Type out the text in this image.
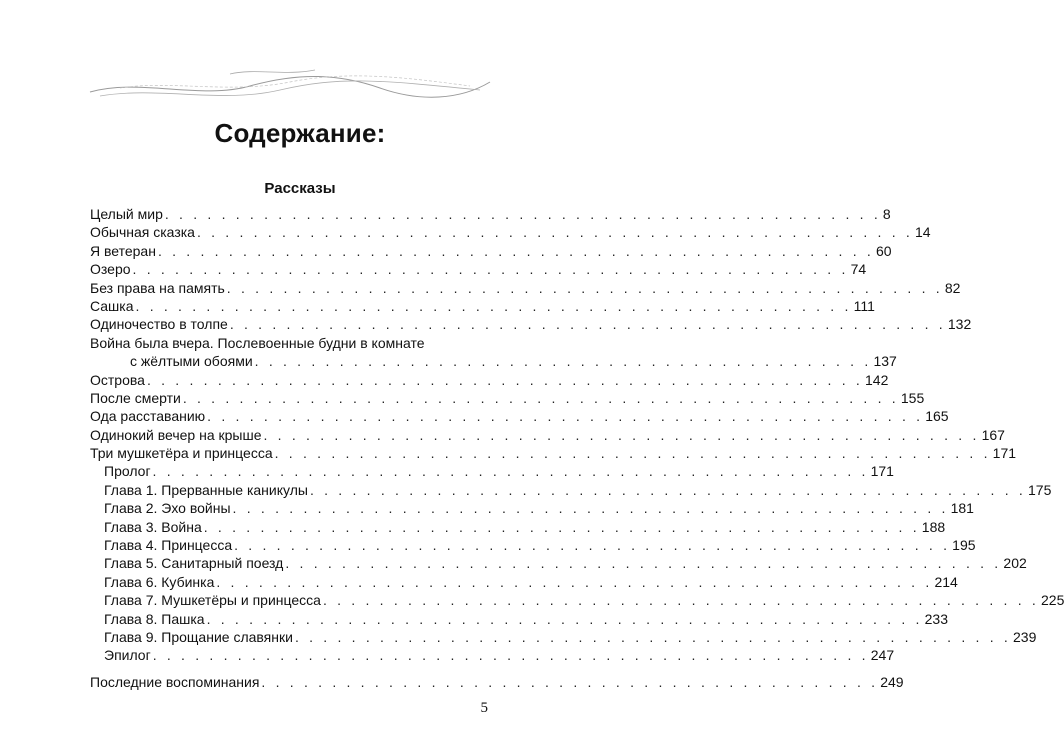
Содержание:
Рассказы
Целый мир . . . . . . . . . . . . . . . . . . . . . . . . . . . . . . . . . . . . . . . . . . . . . . . . . . . 8
Обычная сказка . . . . . . . . . . . . . . . . . . . . . . . . . . . . . . . . . . . . . . . . . . . . . . . . . . . 14
Я ветеран . . . . . . . . . . . . . . . . . . . . . . . . . . . . . . . . . . . . . . . . . . . . . . . . . . . 60
Озеро . . . . . . . . . . . . . . . . . . . . . . . . . . . . . . . . . . . . . . . . . . . . . . . . . . . 74
Без права на память . . . . . . . . . . . . . . . . . . . . . . . . . . . . . . . . . . . . . . . . . . . . . . . . . . . 82
Сашка . . . . . . . . . . . . . . . . . . . . . . . . . . . . . . . . . . . . . . . . . . . . . . . . . . . 111
Одиночество в толпе . . . . . . . . . . . . . . . . . . . . . . . . . . . . . . . . . . . . . . . . . . . . . . . . . . . 132
Война была вчера. Послевоенные будни в комнате
с жёлтыми обоями . . . . . . . . . . . . . . . . . . . . . . . . . . . . . . . . . . . . . . . . . . . . 137
Острова . . . . . . . . . . . . . . . . . . . . . . . . . . . . . . . . . . . . . . . . . . . . . . . . . . . 142
После смерти . . . . . . . . . . . . . . . . . . . . . . . . . . . . . . . . . . . . . . . . . . . . . . . . . . . 155
Ода расставанию . . . . . . . . . . . . . . . . . . . . . . . . . . . . . . . . . . . . . . . . . . . . . . . . . . . 165
Одинокий вечер на крыше . . . . . . . . . . . . . . . . . . . . . . . . . . . . . . . . . . . . . . . . . . . . . . . . . . . 167
Три мушкетёра и принцесса . . . . . . . . . . . . . . . . . . . . . . . . . . . . . . . . . . . . . . . . . . . . . . . . . . . 171
Пролог . . . . . . . . . . . . . . . . . . . . . . . . . . . . . . . . . . . . . . . . . . . . . . . . . . . 171
Глава 1. Прерванные каникулы . . . . . . . . . . . . . . . . . . . . . . . . . . . . . . . . . . . . . . . . . . . . . . . . . . . 175
Глава 2. Эхо войны . . . . . . . . . . . . . . . . . . . . . . . . . . . . . . . . . . . . . . . . . . . . . . . . . . . 181
Глава 3. Война . . . . . . . . . . . . . . . . . . . . . . . . . . . . . . . . . . . . . . . . . . . . . . . . . . . 188
Глава 4. Принцесса . . . . . . . . . . . . . . . . . . . . . . . . . . . . . . . . . . . . . . . . . . . . . . . . . . . 195
Глава 5. Санитарный поезд . . . . . . . . . . . . . . . . . . . . . . . . . . . . . . . . . . . . . . . . . . . . . . . . . . . 202
Глава 6. Кубинка . . . . . . . . . . . . . . . . . . . . . . . . . . . . . . . . . . . . . . . . . . . . . . . . . . . 214
Глава 7. Мушкетёры и принцесса . . . . . . . . . . . . . . . . . . . . . . . . . . . . . . . . . . . . . . . . . . . . . . . . . . . 225
Глава 8. Пашка . . . . . . . . . . . . . . . . . . . . . . . . . . . . . . . . . . . . . . . . . . . . . . . . . . . 233
Глава 9. Прощание славянки . . . . . . . . . . . . . . . . . . . . . . . . . . . . . . . . . . . . . . . . . . . . . . . . . . . 239
Эпилог . . . . . . . . . . . . . . . . . . . . . . . . . . . . . . . . . . . . . . . . . . . . . . . . . . . 247
Последние воспоминания . . . . . . . . . . . . . . . . . . . . . . . . . . . . . . . . . . . . . . . . . . . . 249
5
